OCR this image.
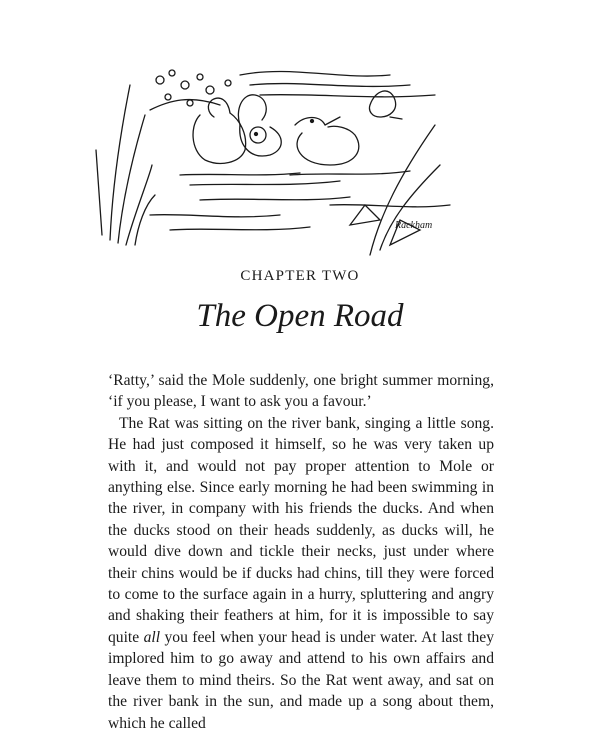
Rackham
CHAPTER TWO
The Open Road

‘Ratty,’ said the Mole suddenly, one bright summer morning, ‘if you please, I want to ask you a favour.’

The Rat was sitting on the river bank, singing a little song. He had just composed it himself, so he was very taken up with it, and would not pay proper attention to Mole or anything else. Since early morning he had been swimming in the river, in company with his friends the ducks. And when the ducks stood on their heads suddenly, as ducks will, he would dive down and tickle their necks, just under where their chins would be if ducks had chins, till they were forced to come to the surface again in a hurry, spluttering and angry and shaking their feathers at him, for it is impossible to say quite all you feel when your head is under water. At last they implored him to go away and attend to his own affairs and leave them to mind theirs. So the Rat went away, and sat on the river bank in the sun, and made up a song about them, which he called
